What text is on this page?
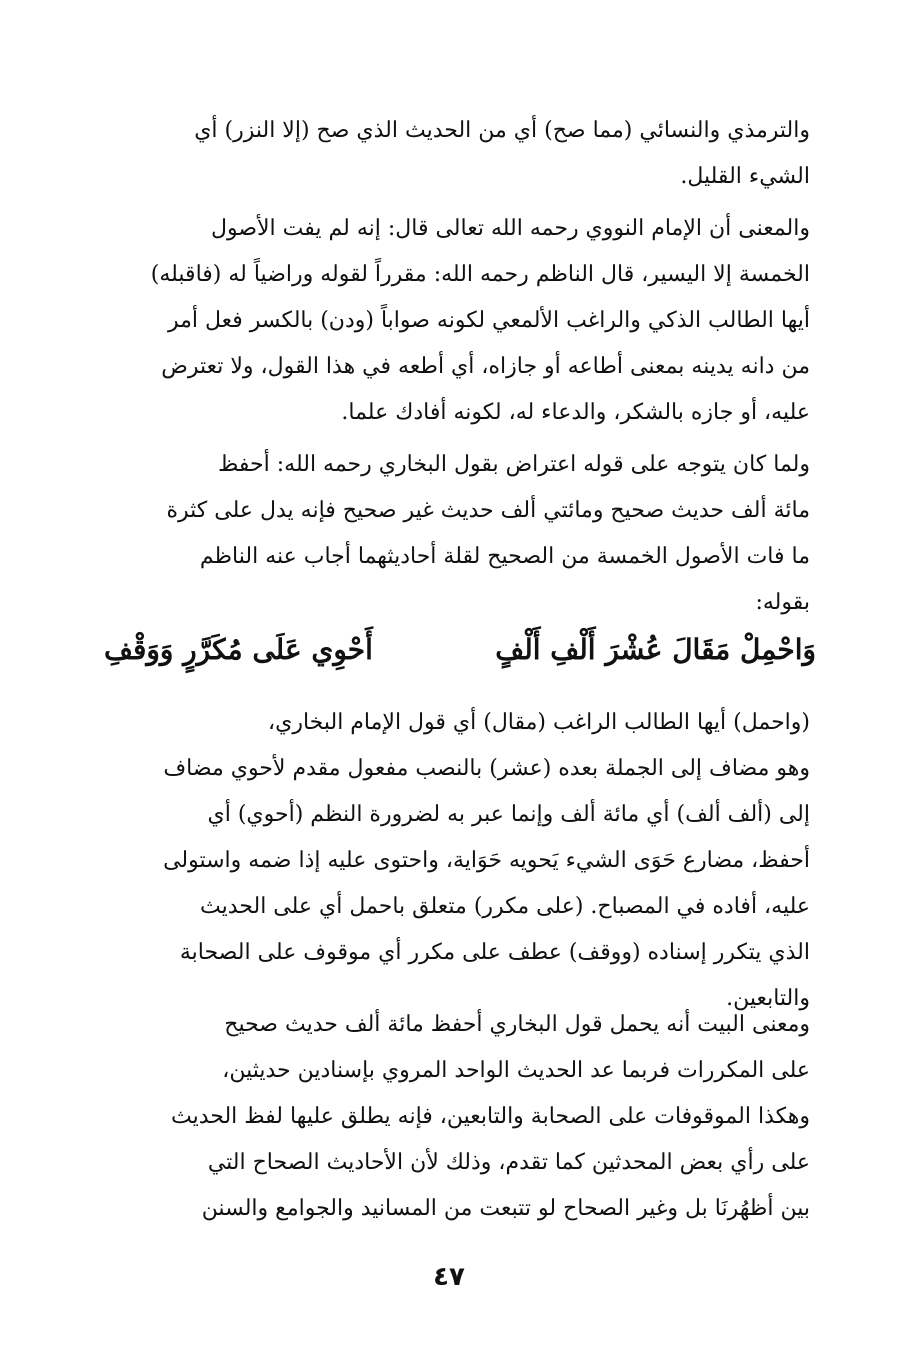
والترمذي والنسائي (مما صح) أي من الحديث الذي صح (إلا النزر) أي
الشيء القليل.
والمعنى أن الإمام النووي رحمه الله تعالى قال: إنه لم يفت الأصول
الخمسة إلا اليسير، قال الناظم رحمه الله: مقرراً لقوله وراضياً له (فاقبله)
أيها الطالب الذكي والراغب الألمعي لكونه صواباً (ودن) بالكسر فعل أمر
من دانه يدينه بمعنى أطاعه أو جازاه، أي أطعه في هذا القول، ولا تعترض
عليه، أو جازه بالشكر، والدعاء له، لكونه أفادك علما.
ولما كان يتوجه على قوله اعتراض بقول البخاري رحمه الله: أحفظ
مائة ألف حديث صحيح ومائتي ألف حديث غير صحيح فإنه يدل على كثرة
ما فات الأصول الخمسة من الصحيح لقلة أحاديثهما أجاب عنه الناظم
بقوله:
وَاحْمِلْ مَقَالَ عُشْرَ أَلْفِ أَلْفٍ
أَحْوِي عَلَى مُكَرَّرٍ وَوَقْفِ
(واحمل) أيها الطالب الراغب (مقال) أي قول الإمام البخاري،
وهو مضاف إلى الجملة بعده (عشر) بالنصب مفعول مقدم لأحوي مضاف
إلى (ألف ألف) أي مائة ألف وإنما عبر به لضرورة النظم (أحوي) أي
أحفظ، مضارع حَوَى الشيء يَحويه حَوَاية، واحتوى عليه إذا ضمه واستولى
عليه، أفاده في المصباح. (على مكرر) متعلق باحمل أي على الحديث
الذي يتكرر إسناده (ووقف) عطف على مكرر أي موقوف على الصحابة
والتابعين.
ومعنى البيت أنه يحمل قول البخاري أحفظ مائة ألف حديث صحيح
على المكررات فربما عد الحديث الواحد المروي بإسنادين حديثين،
وهكذا الموقوفات على الصحابة والتابعين، فإنه يطلق عليها لفظ الحديث
على رأي بعض المحدثين كما تقدم، وذلك لأن الأحاديث الصحاح التي
بين أظهُرنَا بل وغير الصحاح لو تتبعت من المسانيد والجوامع والسنن
٤٧
